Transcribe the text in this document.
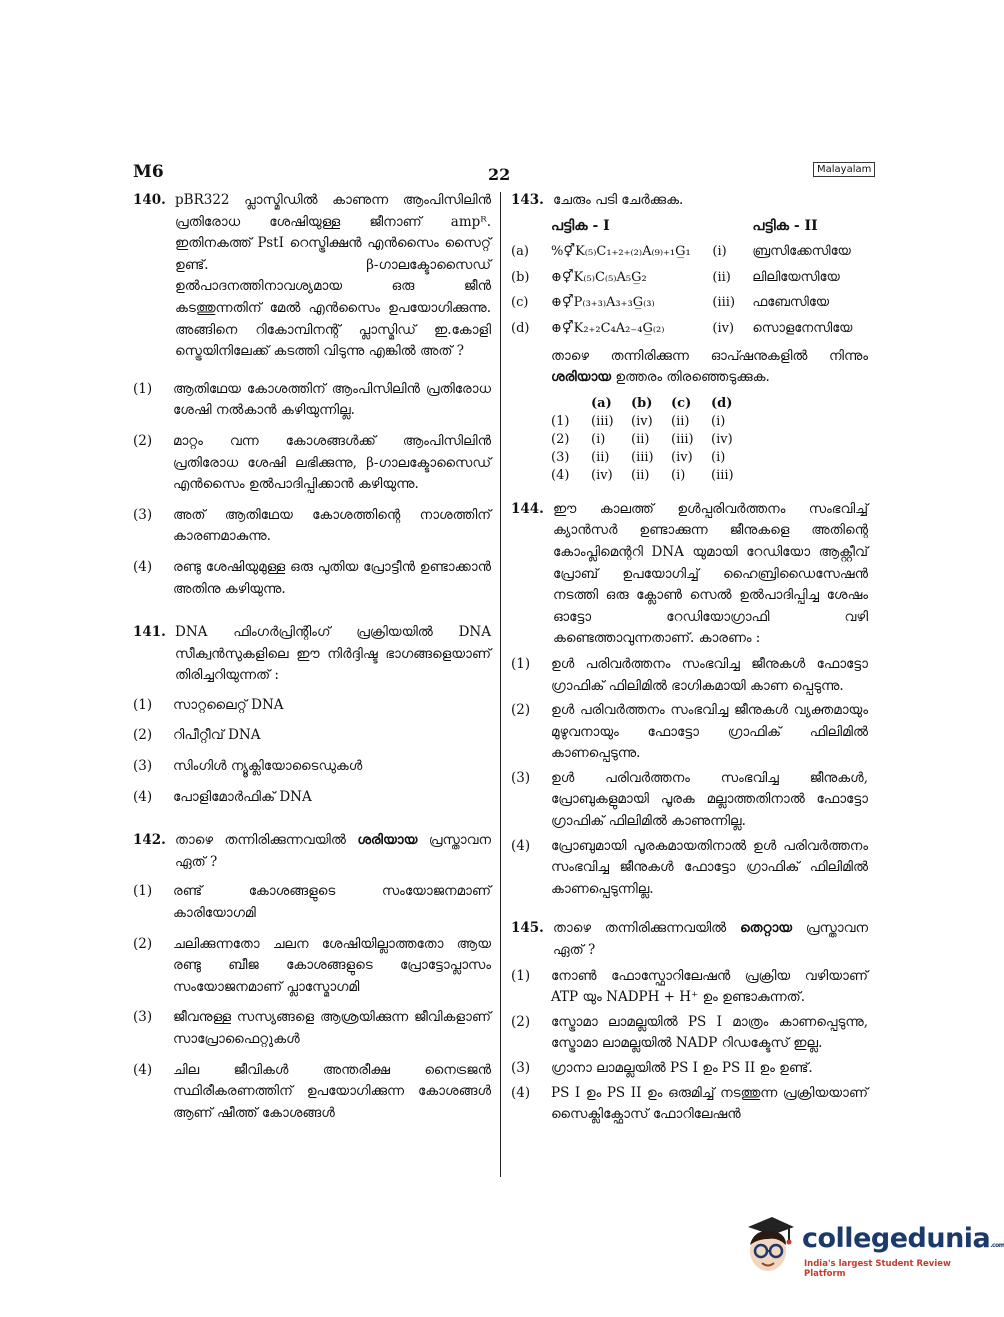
M6	22	Malayalam
140. pBR322 പ്ലാസ്മിഡിൽ കാണുന്ന ആംപിസിലിൻ പ്രതിരോധ ശേഷിയുള്ള ജീനാണ് ampᴿ. ഇതിനകത്ത് PstI റെസ്ട്രിക്ഷൻ എൻസൈം സൈറ്റ് ഉണ്ട്. β-ഗാലക്ടോസൈഡ് ഉൽപാദനത്തിനാവശ്യമായ ഒരു ജീൻ കടത്തുന്നതിന് മേൽ എൻസൈം ഉപയോഗിക്കുന്നു. അങ്ങിനെ റികോമ്പിനന്റ് പ്ലാസ്മിഡ് ഇ.കോളി സ്ട്രെയിനിലേക്ക് കടത്തി വിടുന്നു എങ്കിൽ അത് ?
(1) ആതിഥേയ കോശത്തിന് ആംപിസിലിൻ പ്രതിരോധ ശേഷി നൽകാൻ കഴിയുന്നില്ല.
(2) മാറ്റം വന്ന കോശങ്ങൾക്ക് ആംപിസിലിൻ പ്രതിരോധ ശേഷി ലഭിക്കുന്നു, β-ഗാലക്ടോസൈഡ് എൻസൈം ഉൽപാദിപ്പിക്കാൻ കഴിയുന്നു.
(3) അത് ആതിഥേയ കോശത്തിന്റെ നാശത്തിന് കാരണമാകുന്നു.
(4) രണ്ടു ശേഷിയുമുള്ള ഒരു പുതിയ പ്രോട്ടീൻ ഉണ്ടാക്കാൻ അതിനു കഴിയുന്നു.
141. DNA ഫിംഗർപ്രിന്റിംഗ് പ്രക്രിയയിൽ DNA സീക്വൻസുകളിലെ ഈ നിർദ്ദിഷ്ട ഭാഗങ്ങളെയാണ് തിരിച്ചറിയുന്നത് :
(1) സാറ്റലൈറ്റ് DNA
(2) റിപീറ്റീവ് DNA
(3) സിംഗിൾ ന്യൂക്ലിയോടൈഡുകൾ
(4) പോളിമോർഫിക് DNA
142. താഴെ തന്നിരിക്കുന്നവയിൽ ശരിയായ പ്രസ്താവന ഏത് ?
(1) രണ്ട് കോശങ്ങളുടെ സംയോജനമാണ് കാരിയോഗമി
(2) ചലിക്കുന്നതോ ചലന ശേഷിയില്ലാത്തതോ ആയ രണ്ടു ബീജ കോശങ്ങളുടെ പ്രോട്ടോപ്ലാസം സംയോജനമാണ് പ്ലാസ്മോഗമി
(3) ജീവനുള്ള സസ്യങ്ങളെ ആശ്രയിക്കുന്ന ജീവികളാണ് സാപ്രോഫൈറ്റുകൾ
(4) ചില ജീവികൾ അന്തരീക്ഷ നൈട്രജൻ സ്ഥിരീകരണത്തിന് ഉപയോഗിക്കുന്ന കോശങ്ങൾ ആണ് ഷീത്ത് കോശങ്ങൾ
143. ചേരും പടി ചേർക്കുക.
	പട്ടിക - I		പട്ടിക - II
(a)	%⚥K₍₅₎C₁₊₂₊₍₂₎A₍₉₎₊₁G̲₁	(i)	ബ്രസിക്കേസിയേ
(b)	⊕⚥K₍₅₎C₍₅₎A₅G̲₂	(ii)	ലിലിയേസിയേ
(c)	⊕⚥P₍₃₊₃₎A₃₊₃G̲₍₃₎	(iii)	ഫബേസിയേ
(d)	⊕⚥K₂₊₂C₄A₂₋₄G̲₍₂₎	(iv)	സൊളനേസിയേ
താഴെ തന്നിരിക്കുന്ന ഓപ്ഷനുകളിൽ നിന്നും ശരിയായ ഉത്തരം തിരഞ്ഞെടുക്കുക.
	(a)	(b)	(c)	(d)
(1)	(iii)	(iv)	(ii)	(i)
(2)	(i)	(ii)	(iii)	(iv)
(3)	(ii)	(iii)	(iv)	(i)
(4)	(iv)	(ii)	(i)	(iii)
144. ഈ കാലത്ത് ഉൾപ്പരിവർത്തനം സംഭവിച്ച് ക്യാൻസർ ഉണ്ടാക്കുന്ന ജീനുകളെ അതിന്റെ കോംപ്ലിമെന്ററി DNA യുമായി റേഡിയോ ആക്റ്റീവ് പ്രോബ് ഉപയോഗിച്ച് ഹൈബ്രിഡൈസേഷൻ നടത്തി ഒരു ക്ലോൺ സെൽ ഉൽപാദിപ്പിച്ച ശേഷം ഓട്ടോ റേഡിയോഗ്രാഫി വഴി കണ്ടെത്താവുന്നതാണ്. കാരണം :
(1) ഉൾ പരിവർത്തനം സംഭവിച്ച ജീനുകൾ ഫോട്ടോ ഗ്രാഫിക് ഫിലിമിൽ ഭാഗികമായി കാണ പ്പെടുന്നു.
(2) ഉൾ പരിവർത്തനം സംഭവിച്ച ജീനുകൾ വ്യക്തമായും മുഴുവനായും ഫോട്ടോ ഗ്രാഫിക് ഫിലിമിൽ കാണപ്പെടുന്നു.
(3) ഉൾ പരിവർത്തനം സംഭവിച്ച ജീനുകൾ, പ്രോബുകളുമായി പൂരക മല്ലാത്തതിനാൽ ഫോട്ടോ ഗ്രാഫിക് ഫിലിമിൽ കാണുന്നില്ല.
(4) പ്രോബുമായി പൂരകമായതിനാൽ ഉൾ പരിവർത്തനം സംഭവിച്ച ജീനുകൾ ഫോട്ടോ ഗ്രാഫിക് ഫിലിമിൽ കാണപ്പെടുന്നില്ല.
145. താഴെ തന്നിരിക്കുന്നവയിൽ തെറ്റായ പ്രസ്താവന ഏത് ?
(1) നോൺ ഫോസ്ഫോറിലേഷൻ പ്രക്രിയ വഴിയാണ് ATP യും NADPH + H⁺ ഉം ഉണ്ടാകുന്നത്.
(2) സ്ട്രോമാ ലാമല്ലയിൽ PS I മാത്രം കാണപ്പെടുന്നു, സ്ട്രോമാ ലാമല്ലയിൽ NADP റിഡക്ടേസ് ഇല്ല.
(3) ഗ്രാനാ ലാമല്ലയിൽ PS I ഉം PS II ഉം ഉണ്ട്.
(4) PS I ഉം PS II ഉം ഒരുമിച്ച് നടത്തുന്ന പ്രക്രിയയാണ് സൈക്ലിക്ഫോസ് ഫോറിലേഷൻ
collegedunia.com
India's largest Student Review Platform
